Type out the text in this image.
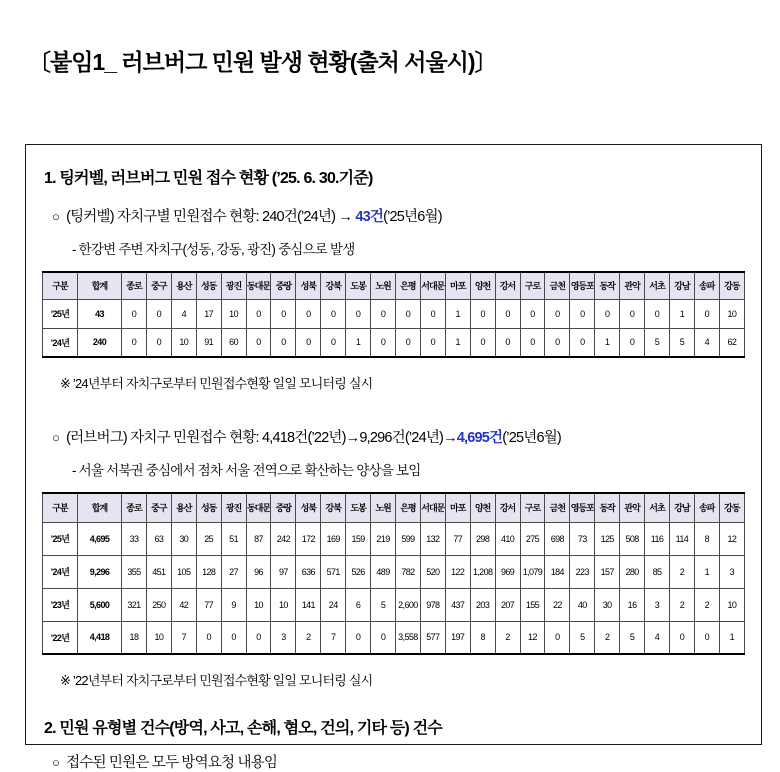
〔붙임1_ 러브버그 민원 발생 현황(출처 서울시)〕
1. 팅커벨, 러브버그 민원 접수 현황 (’25. 6. 30.기준)
○ (팅커벨) 자치구별 민원접수 현황: 240건(’24년) → 43건(’25년6월)
- 한강변 주변 자치구(성동, 강동, 광진) 중심으로 발생
구분	합계	종로	중구	용산	성동	광진	동대문	중랑	성북	강북	도봉	노원	은평	서대문	마포	양천	강서	구로	금천	영등포	동작	관악	서초	강남	송파	강동
’25년	43	0	0	4	17	10	0	0	0	0	0	0	0	0	1	0	0	0	0	0	0	0	0	1	0	10
’24년	240	0	0	10	91	60	0	0	0	0	1	0	0	0	1	0	0	0	0	0	1	0	5	5	4	62
※ ’24년부터 자치구로부터 민원접수현황 일일 모니터링 실시
○ (러브버그) 자치구 민원접수 현황: 4,418건(’22년)→9,296건(’24년)→4,695건(’25년6월)
- 서울 서북권 중심에서 점차 서울 전역으로 확산하는 양상을 보임
구분	합계	종로	중구	용산	성동	광진	동대문	중랑	성북	강북	도봉	노원	은평	서대문	마포	양천	강서	구로	금천	영등포	동작	관악	서초	강남	송파	강동
’25년	4,695	33	63	30	25	51	87	242	172	169	159	219	599	132	77	298	410	275	698	73	125	508	116	114	8	12
’24년	9,296	355	451	105	128	27	96	97	636	571	526	489	782	520	122	1,208	969	1,079	184	223	157	280	85	2	1	3
’23년	5,600	321	250	42	77	9	10	10	141	24	6	5	2,600	978	437	203	207	155	22	40	30	16	3	2	2	10
’22년	4,418	18	10	7	0	0	0	3	2	7	0	0	3,558	577	197	8	2	12	0	5	2	5	4	0	0	1
※ ’22년부터 자치구로부터 민원접수현황 일일 모니터링 실시
2. 민원 유형별 건수(방역, 사고, 손해, 혐오, 건의, 기타 등) 건수
○ 접수된 민원은 모두 방역요청 내용임
